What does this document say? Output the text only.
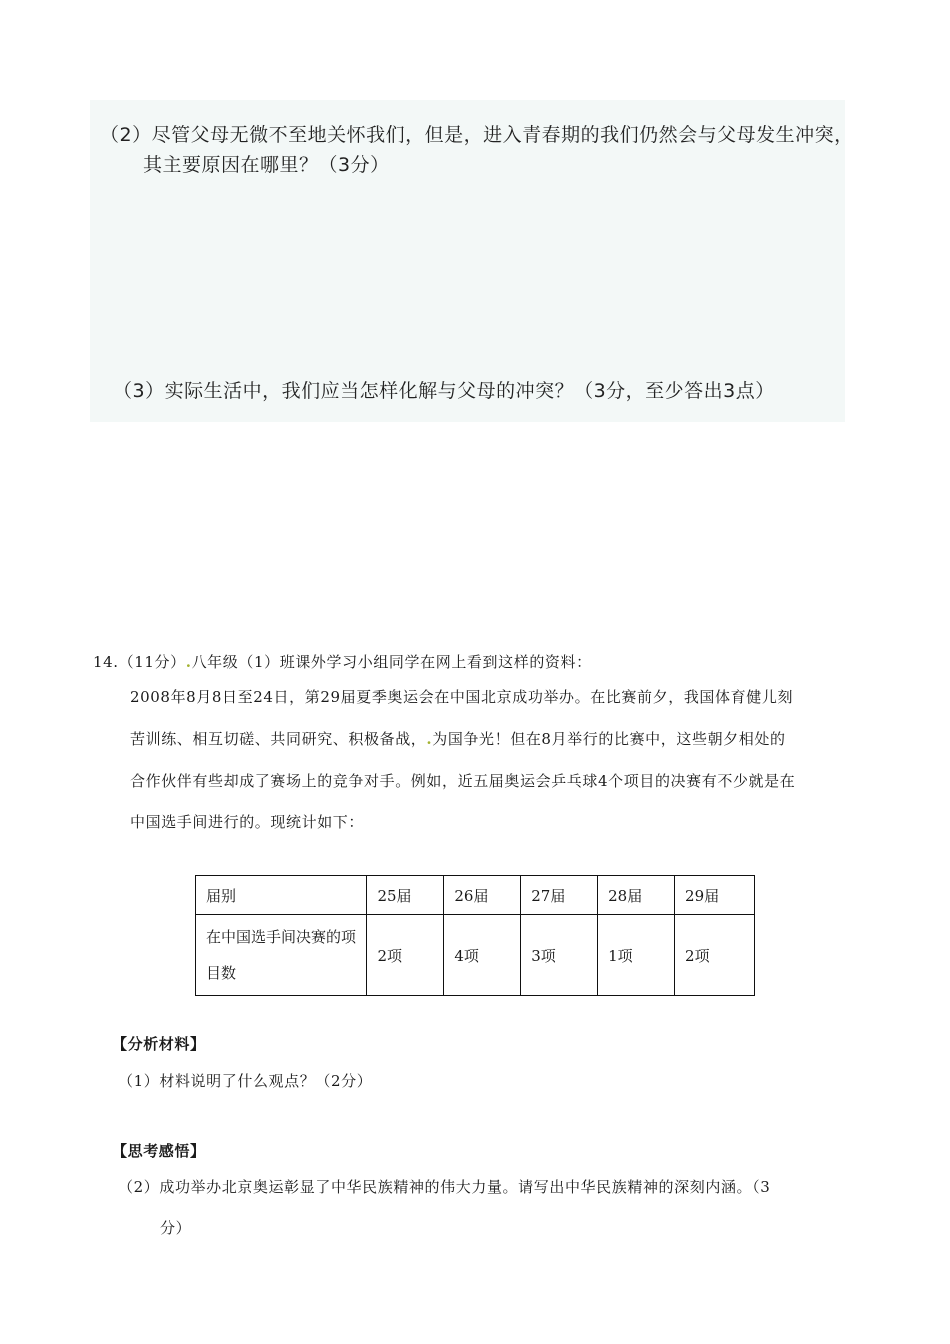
（2）尽管父母无微不至地关怀我们，但是，进入青春期的我们仍然会与父母发生冲突，
其主要原因在哪里？（3分）
（3）实际生活中，我们应当怎样化解与父母的冲突？（3分，至少答出3点）
14.（11分）.八年级（1）班课外学习小组同学在网上看到这样的资料：
2008年8月8日至24日，第29届夏季奥运会在中国北京成功举办。在比赛前夕，我国体育健儿刻
苦训练、相互切磋、共同研究、积极备战，.为国争光！但在8月举行的比赛中，这些朝夕相处的
合作伙伴有些却成了赛场上的竞争对手。例如，近五届奥运会乒乓球4个项目的决赛有不少就是在
中国选手间进行的。现统计如下：
届别	25届	26届	27届	28届	29届
在中国选手间决赛的项目数	2项	4项	3项	1项	2项
【分析材料】
（1）材料说明了什么观点？（2分）
【思考感悟】
（2）成功举办北京奥运彰显了中华民族精神的伟大力量。请写出中华民族精神的深刻内涵。（3
分）
